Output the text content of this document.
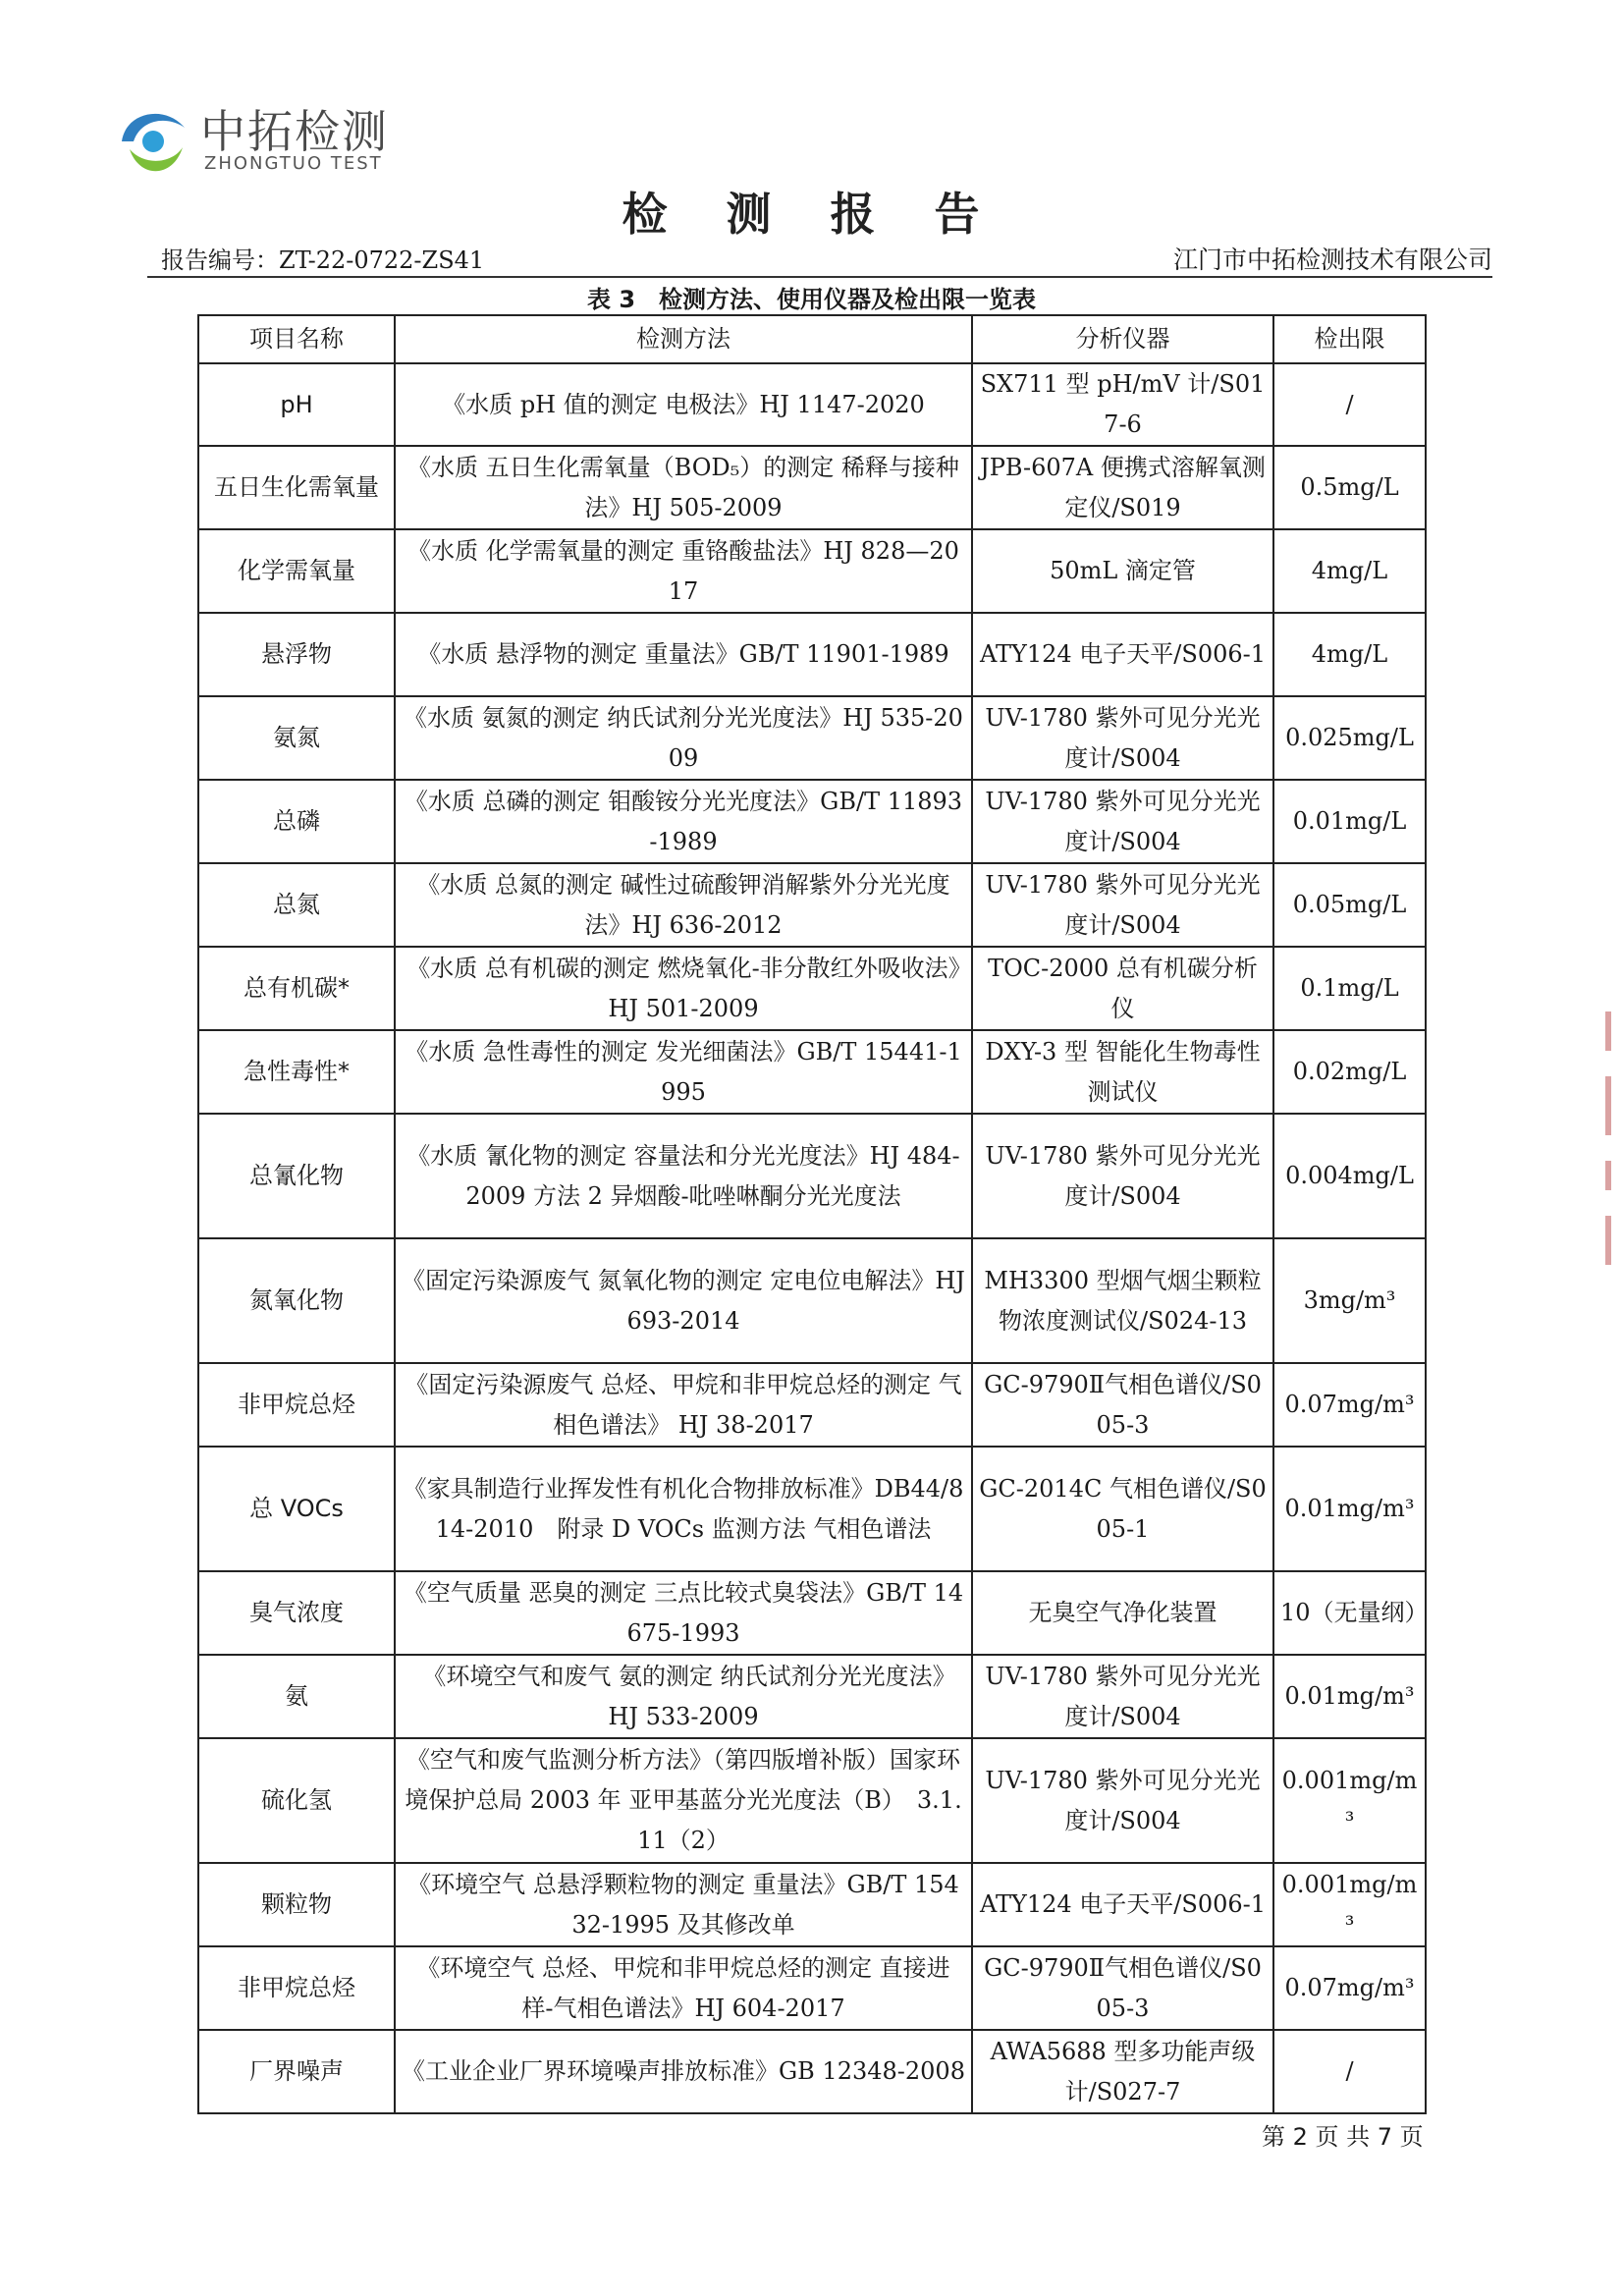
中拓检测
ZHONGTUO TEST
检 测 报 告
报告编号：ZT-22-0722-ZS41	江门市中拓检测技术有限公司
表 3　检测方法、使用仪器及检出限一览表
项目名称	检测方法	分析仪器	检出限
pH	《水质 pH 值的测定 电极法》HJ 1147-2020	SX711 型 pH/mV 计/S017-6	/
五日生化需氧量	《水质 五日生化需氧量（BOD₅）的测定 稀释与接种法》HJ 505-2009	JPB-607A 便携式溶解氧测定仪/S019	0.5mg/L
化学需氧量	《水质 化学需氧量的测定 重铬酸盐法》HJ 828—2017	50mL 滴定管	4mg/L
悬浮物	《水质 悬浮物的测定 重量法》GB/T 11901-1989	ATY124 电子天平/S006-1	4mg/L
氨氮	《水质 氨氮的测定 纳氏试剂分光光度法》HJ 535-2009	UV-1780 紫外可见分光光度计/S004	0.025mg/L
总磷	《水质 总磷的测定 钼酸铵分光光度法》GB/T 11893-1989	UV-1780 紫外可见分光光度计/S004	0.01mg/L
总氮	《水质 总氮的测定 碱性过硫酸钾消解紫外分光光度法》HJ 636-2012	UV-1780 紫外可见分光光度计/S004	0.05mg/L
总有机碳*	《水质 总有机碳的测定 燃烧氧化-非分散红外吸收法》HJ 501-2009	TOC-2000 总有机碳分析仪	0.1mg/L
急性毒性*	《水质 急性毒性的测定 发光细菌法》GB/T 15441-1995	DXY-3 型 智能化生物毒性测试仪	0.02mg/L
总氰化物	《水质 氰化物的测定 容量法和分光光度法》HJ 484-2009 方法 2 异烟酸-吡唑啉酮分光光度法	UV-1780 紫外可见分光光度计/S004	0.004mg/L
氮氧化物	《固定污染源废气 氮氧化物的测定 定电位电解法》HJ 693-2014	MH3300 型烟气烟尘颗粒物浓度测试仪/S024-13	3mg/m³
非甲烷总烃	《固定污染源废气 总烃、甲烷和非甲烷总烃的测定 气相色谱法》 HJ 38-2017	GC-9790Ⅱ气相色谱仪/S005-3	0.07mg/m³
总 VOCs	《家具制造行业挥发性有机化合物排放标准》DB44/814-2010　附录 D VOCs 监测方法 气相色谱法	GC-2014C 气相色谱仪/S005-1	0.01mg/m³
臭气浓度	《空气质量 恶臭的测定 三点比较式臭袋法》GB/T 14675-1993	无臭空气净化装置	10（无量纲）
氨	《环境空气和废气 氨的测定 纳氏试剂分光光度法》　HJ 533-2009	UV-1780 紫外可见分光光度计/S004	0.01mg/m³
硫化氢	《空气和废气监测分析方法》（第四版增补版）国家环境保护总局 2003 年 亚甲基蓝分光光度法（B）　3.1.11（2）	UV-1780 紫外可见分光光度计/S004	0.001mg/m³
颗粒物	《环境空气 总悬浮颗粒物的测定 重量法》GB/T 15432-1995 及其修改单	ATY124 电子天平/S006-1	0.001mg/m³
非甲烷总烃	《环境空气 总烃、甲烷和非甲烷总烃的测定 直接进样-气相色谱法》HJ 604-2017	GC-9790Ⅱ气相色谱仪/S005-3	0.07mg/m³
厂界噪声	《工业企业厂界环境噪声排放标准》GB 12348-2008	AWA5688 型多功能声级计/S027-7	/
第 2 页 共 7 页
